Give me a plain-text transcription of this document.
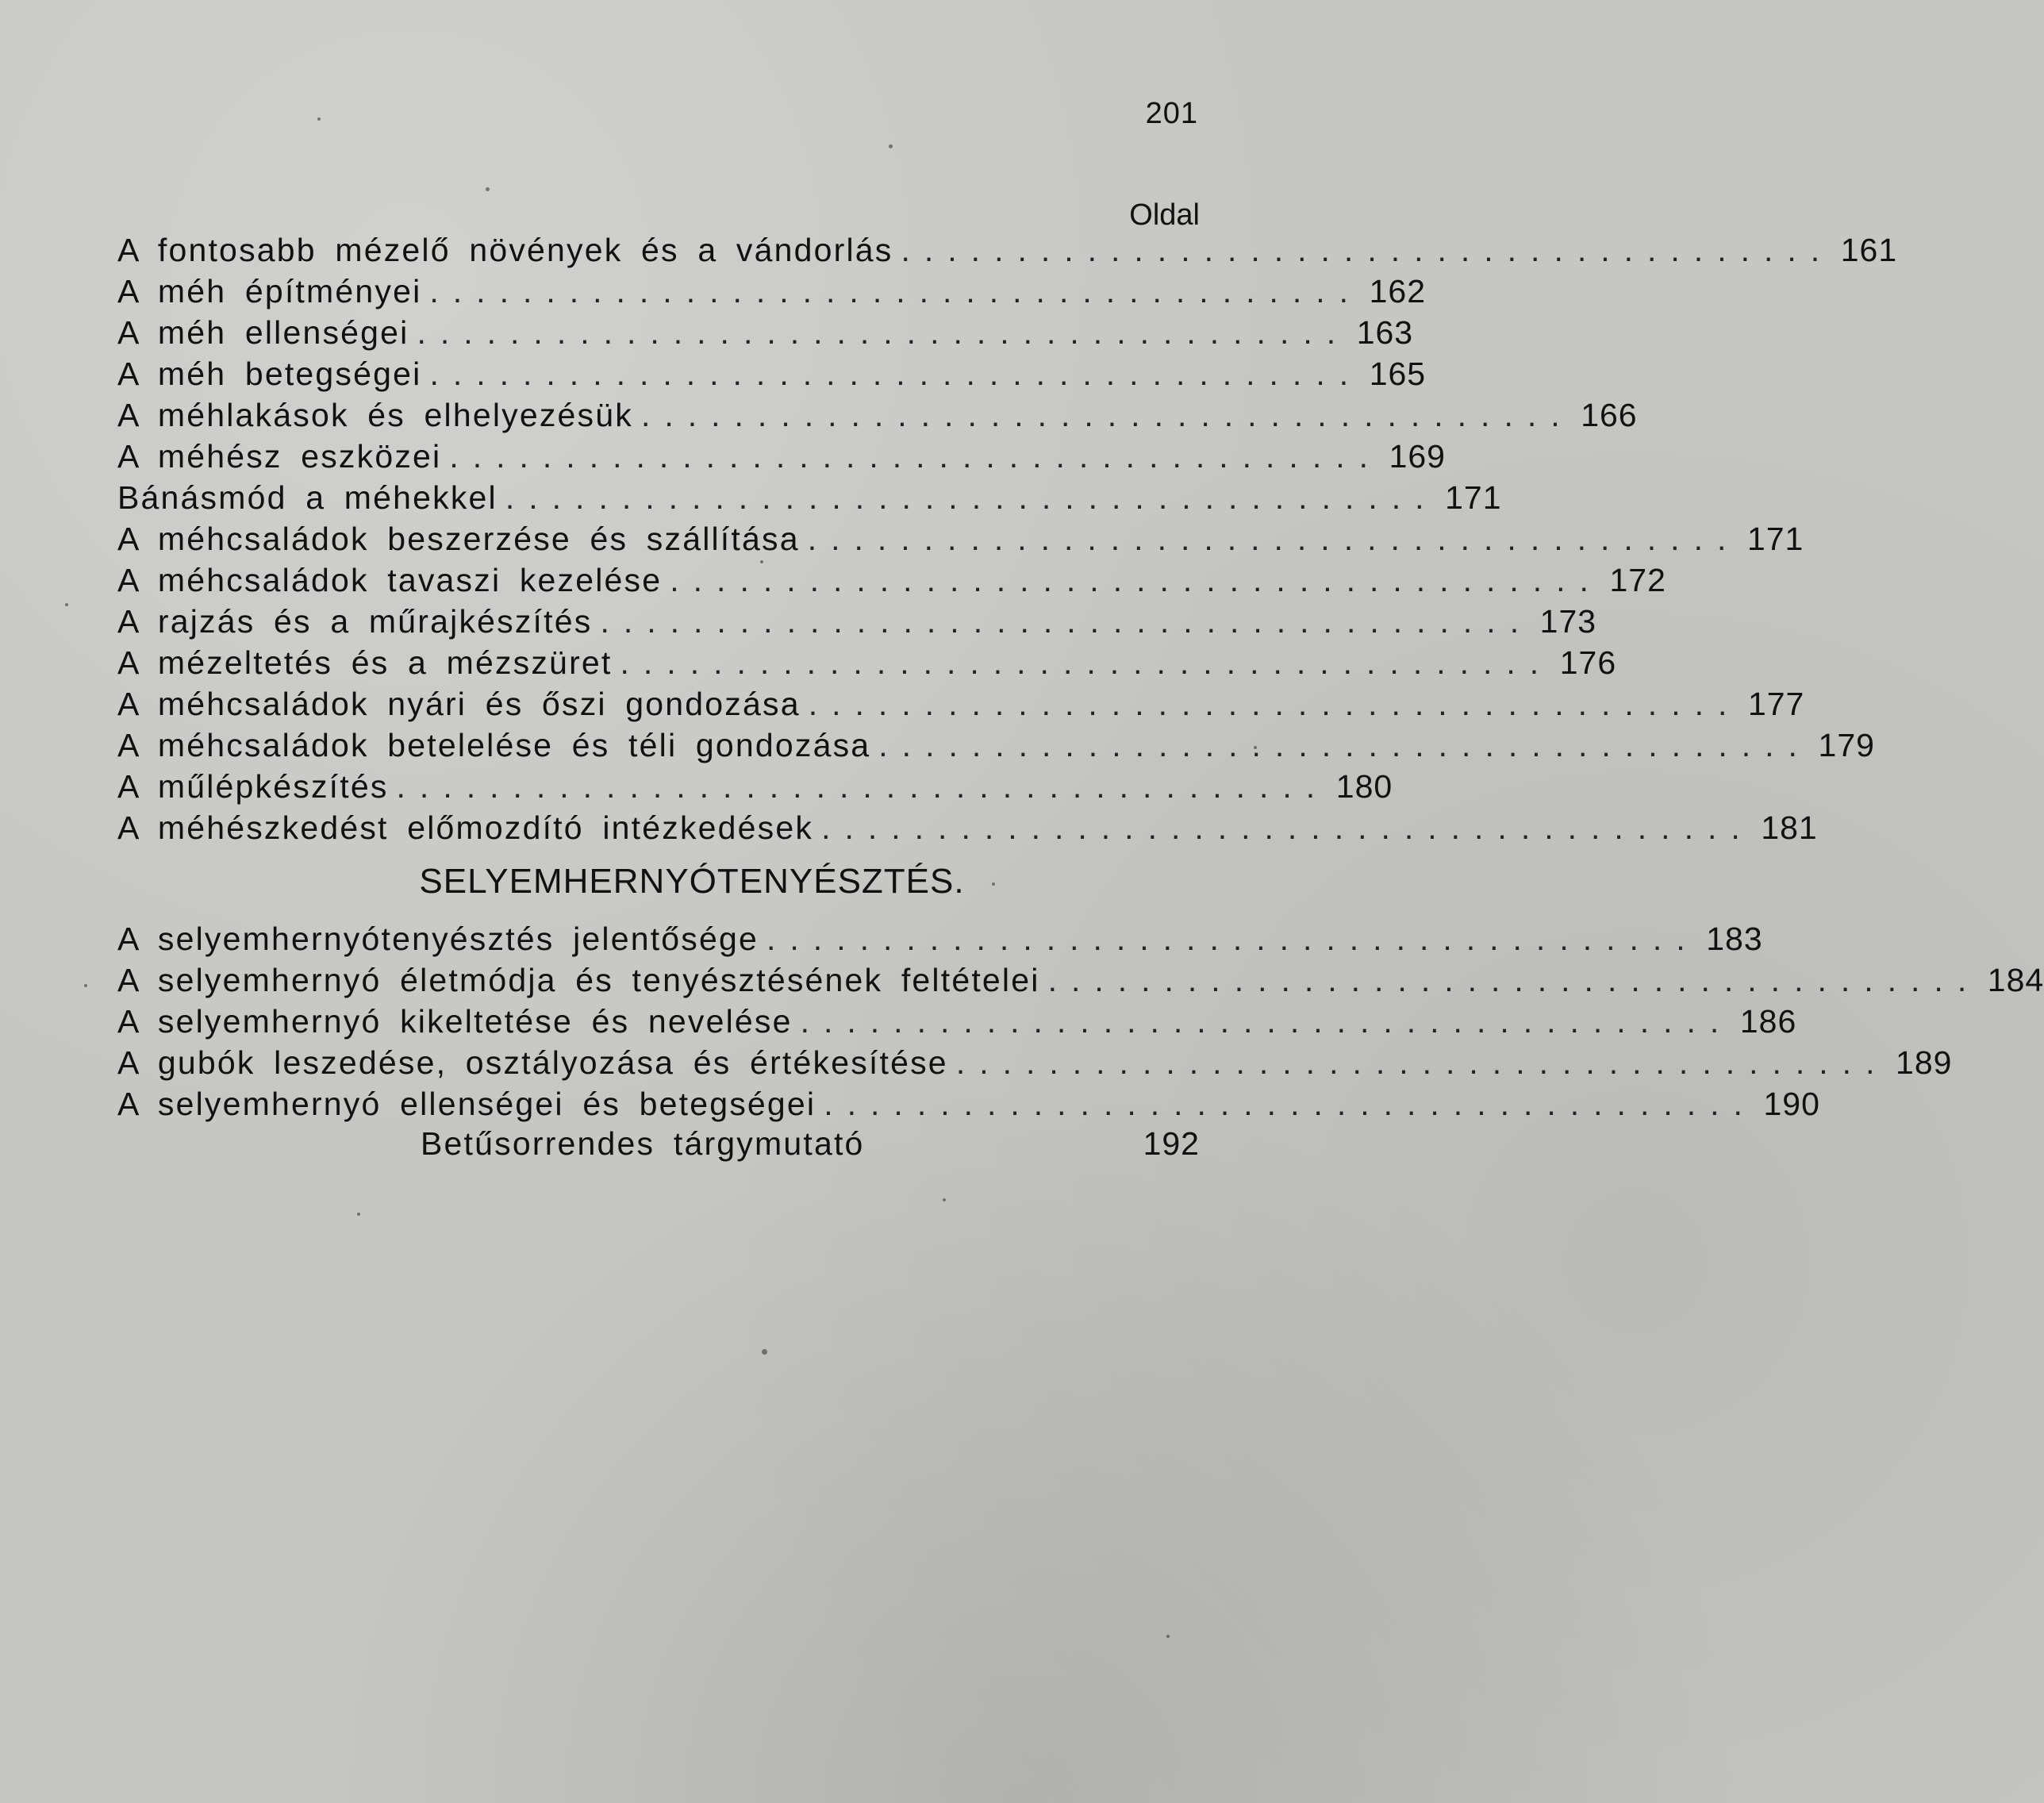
201
Oldal
A fontosabb mézelő növények és a vándorlás ........................................ 161
A méh építményei ........................................ 162
A méh ellenségei ........................................ 163
A méh betegségei ........................................ 165
A méhlakások és elhelyezésük ........................................ 166
A méhész eszközei ........................................ 169
Bánásmód a méhekkel ........................................ 171
A méhcsaládok beszerzése és szállítása ........................................ 171
A méhcsaládok tavaszi kezelése ........................................ 172
A rajzás és a műrajkészítés ........................................ 173
A mézeltetés és a mézszüret ........................................ 176
A méhcsaládok nyári és őszi gondozása ........................................ 177
A méhcsaládok betelelése és téli gondozása ........................................ 179
A műlépkészítés ........................................ 180
A méhészkedést előmozdító intézkedések ........................................ 181
SELYEMHERNYÓTENYÉSZTÉS.
A selyemhernyótenyésztés jelentősége ........................................ 183
A selyemhernyó életmódja és tenyésztésének feltételei ........................................ 184
A selyemhernyó kikeltetése és nevelése ........................................ 186
A gubók leszedése, osztályozása és értékesítése ........................................ 189
A selyemhernyó ellenségei és betegségei ........................................ 190
Betűsorrendes tárgymutató	192
